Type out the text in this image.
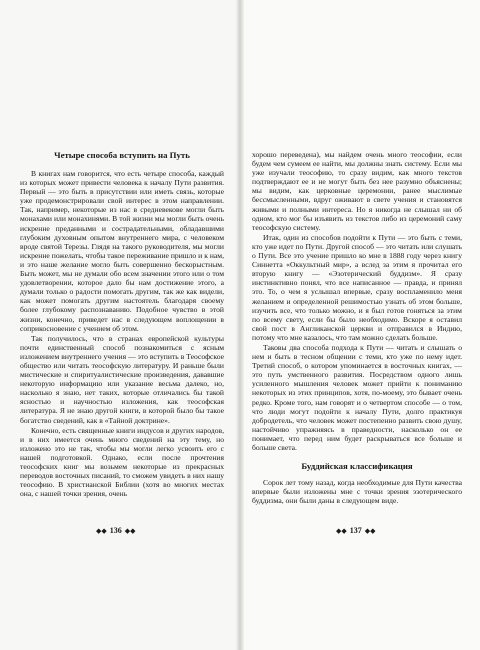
Четыре способа вступить на Путь

В книгах нам говорится, что есть четыре способа, каждый из которых может привести человека к началу Пути развития. Первый — это быть в присутствии или иметь связь, которые уже продемонстрировали свой интерес в этом направлении. Так, например, некоторые из нас в средневекове могли быть монахами или монахинями. В той жизни мы могли быть очень искренне преданными и сострадательными, обладавшими глубоким духовным опытом внутреннего мира, с человеком вроде святой Терезы. Глядя на такого руководителя, мы могли искренне пожелать, чтобы такое переживание пришло и к нам, и это наше желание могло быть совершенно бескорыстным. Быть может, мы не думали обо всем значении этого или о том удовлетворении, которое дало бы нам достижение этого, а думали только о радости помогать другим, так же как видели, как может помогать другим настоятель благодаря своему более глубокому распознаванию. Подобное чувство в этой жизни, конечно, приведет нас в следующем воплощении в соприкосновение с учением об этом.

Так получилось, что в странах европейской культуры почти единственный способ познакомиться с ясным изложением внутреннего учения — это вступить в Теософское общество или читать теософскую литературу. И раньше были мистические и спиритуалистические произведения, дававшие некоторую информацию или указание весьма далеко, но, насколько я знаю, нет таких, которые отличались бы такой ясностью и научностью изложения, как теософская литература. Я не знаю другой книги, в которой было бы такое богатство сведений, как в «Тайной доктрине».

Конечно, есть священные книги индусов и других народов, и в них имеется очень много сведений на эту тему, но изложено это не так, чтобы мы могли легко усвоить его с нашей подготовкой. Однако, если после прочтения теософских книг мы возьмем некоторые из прекрасных переводов восточных писаний, то сможем увидеть в них нашу теософию. В христианской Библии (хотя во многих местах она, с нашей точки зрения, очень

◆◆ 136 ◆◆

хорошо переведена), мы найдем очень много теософии, если будем чем сумеем ее найти, мы должны знать систему. Если мы уже изучали теософию, то сразу видим, как много текстов подтверждают ее и не могут быть без нее разумно объяснены; мы видим, как церковные церемонии, ранее мыслимые бессмысленными, вдруг оживают в свете учения и становятся живыми и полными интереса. Но я никогда не слышал ни об одном, кто мог бы изъявить из текстов либо из церемоний саму теософскую систему.

Итак, один из способов подойти к Пути — это быть с теми, кто уже идет по Пути. Другой способ — это читать или слушать о Пути. Все это учение пришло ко мне в 1888 году через книгу Синнетта «Оккультный мир», а вслед за этим я прочитал его вторую книгу — «Эзотерический буддизм». Я сразу инстинктивно понял, что все написанное — правда, и принял это. То, о чем я услышал впервые, сразу воспламенило меня желанием и определенной решимостью узнать об этом больше, изучить все, что только можно, и я был готов гоняться за этим по всему свету, если бы было необходимо. Вскоре я оставил свой пост в Англиканской церкви и отправился в Индию, потому что мне казалось, что там можно сделать больше.

Таковы два способа подхода к Пути — читать и слышать о нем и быть в тесном общении с теми, кто уже по нему идет. Третий способ, о котором упоминается в восточных книгах, — это путь умственного развития. Посредством одного лишь усиленного мышления человек может прийти к пониманию некоторых из этих принципов, хотя, по-моему, это бывает очень редко. Кроме того, нам говорят и о четвертом способе — о том, что люди могут подойти к началу Пути, долго практикуя добродетель, что человек может постепенно развить свою душу, настойчиво упражняясь в праведности, насколько он ее понимает, что перед ним будет раскрываться все больше и больше света.

Буддийская классификация

Сорок лет тому назад, когда необходимые для Пути качества впервые были изложены мне с точки зрения эзотерического буддизма, они были даны в следующем виде.

◆◆ 137 ◆◆
